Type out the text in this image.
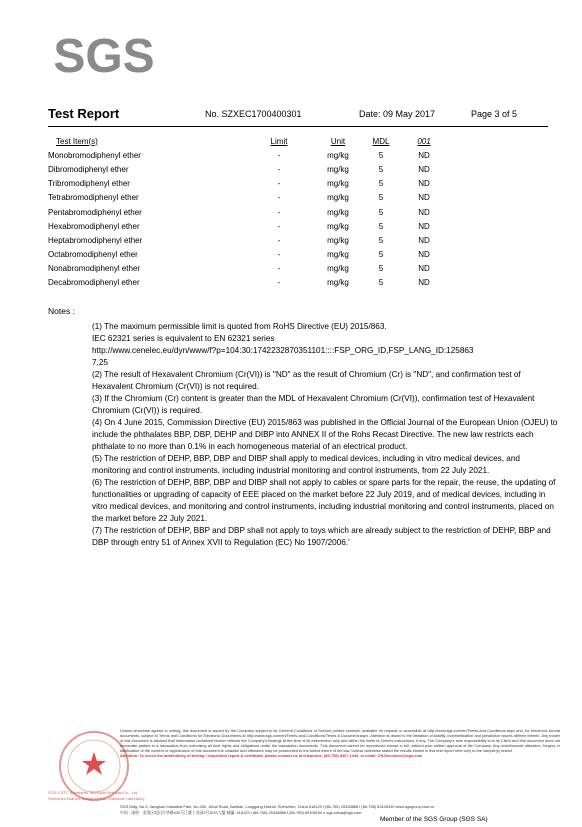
SGS
Test Report	No. SZXEC1700400301	Date: 09 May 2017	Page 3 of 5
Test Item(s)	Limit	Unit	MDL	001
Monobromodiphenyl ether	-	mg/kg	5	ND
Dibromodiphenyl ether	-	mg/kg	5	ND
Tribromodiphenyl ether	-	mg/kg	5	ND
Tetrabromodiphenyl ether	-	mg/kg	5	ND
Pentabromodiphenyl ether	-	mg/kg	5	ND
Hexabromodiphenyl ether	-	mg/kg	5	ND
Heptabromodiphenyl ether	-	mg/kg	5	ND
Octabromodiphenyl ether	-	mg/kg	5	ND
Nonabromodiphenyl ether	-	mg/kg	5	ND
Decabromodiphenyl ether	-	mg/kg	5	ND
Notes :

(1) The maximum permissible limit is quoted from RoHS Directive (EU) 2015/863.

IEC 62321 series is equivalent to EN 62321 series

http://www.cenelec.eu/dyn/www/f?p=104:30:1742232870351101::::FSP_ORG_ID,FSP_LANG_ID:125863

7,25

(2) The result of Hexavalent Chromium (Cr(VI)) is "ND" as the result of Chromium (Cr) is "ND", and confirmation test of Hexavalent Chromium (Cr(VI)) is not required.

(3) If the Chromium (Cr) content is greater than the MDL of Hexavalent Chromium (Cr(VI)), confirmation test of Hexavalent Chromium (Cr(VI)) is required.

(4) On 4 June 2015, Commission Directive (EU) 2015/863 was published in the Official Journal of the European Union (OJEU) to include the phthalates BBP, DBP, DEHP and DIBP into ANNEX II of the Rohs Recast Directive. The new law restricts each phthalate to no more than 0.1% in each homogeneous material of an electrical product.

(5) The restriction of DEHP, BBP, DBP and DIBP shall apply to medical devices, including in vitro medical devices, and monitoring and control instruments, including industrial monitoring and control instruments, from 22 July 2021.

(6) The restriction of DEHP, BBP, DBP and DIBP shall not apply to cables or spare parts for the repair, the reuse, the updating of functionalities or upgrading of capacity of EEE placed on the market before 22 July 2019, and of medical devices, including in vitro medical devices, and monitoring and control instruments, including industrial monitoring and control instruments, placed on the market before 22 July 2021.

(7) The restriction of DEHP, BBP and DBP shall not apply to toys which are already subject to the restriction of DEHP, BBP and DBP through entry 51 of Annex XVII to Regulation (EC) No 1907/2006.'

SGS-CSTC Standards Technical Services Co., Ltd.
Shenzhen Branch Testing Center Chemical Laboratory
Unless otherwise agreed in writing, this document is issued by the Company subject to its General Conditions of Service printed overleaf, available on request or accessible at http://www.sgs.com/en/Terms-and-Conditions.aspx and, for electronic format documents, subject to Terms and Conditions for Electronic Documents at http://www.sgs.com/en/Terms-and-Conditions/Terms-e-Document.aspx. Attention is drawn to the limitation of liability, indemnification and jurisdiction issues defined therein. Any holder of this document is advised that information contained hereon reflects the Company's findings at the time of its intervention only and within the limits of Client's instructions, if any. The Company's sole responsibility is to its Client and this document does not exonerate parties to a transaction from exercising all their rights and obligations under the transaction documents. This document cannot be reproduced except in full, without prior written approval of the Company. Any unauthorized alteration, forgery or falsification of the content or appearance of this document is unlawful and offenders may be prosecuted to the fullest extent of the law. Unless otherwise stated the results shown in this test report refer only to the sample(s) tested.
Attention: To check the authenticity of testing / inspection report & certificate, please contact us at telephone: (86-755) 8307 1443, or email: CN.Doccheck@sgs.com
SGS Bldg. No.3, Jianghao Industrial Park, No.430, Jihua Road, Bantian, Longgang District, Shenzhen, China 518129 t (86-755) 25328888 f (86-755) 83108190 www.sgsgroup.com.cn
中国 · 深圳 · 龙岗区坂田吉华路430号江灏工业园3号SGS大厦 邮编: 518129 t (86-755) 25328888 f (86-755) 83108190 e sgs.china@sgs.com
Member of the SGS Group (SGS SA)
